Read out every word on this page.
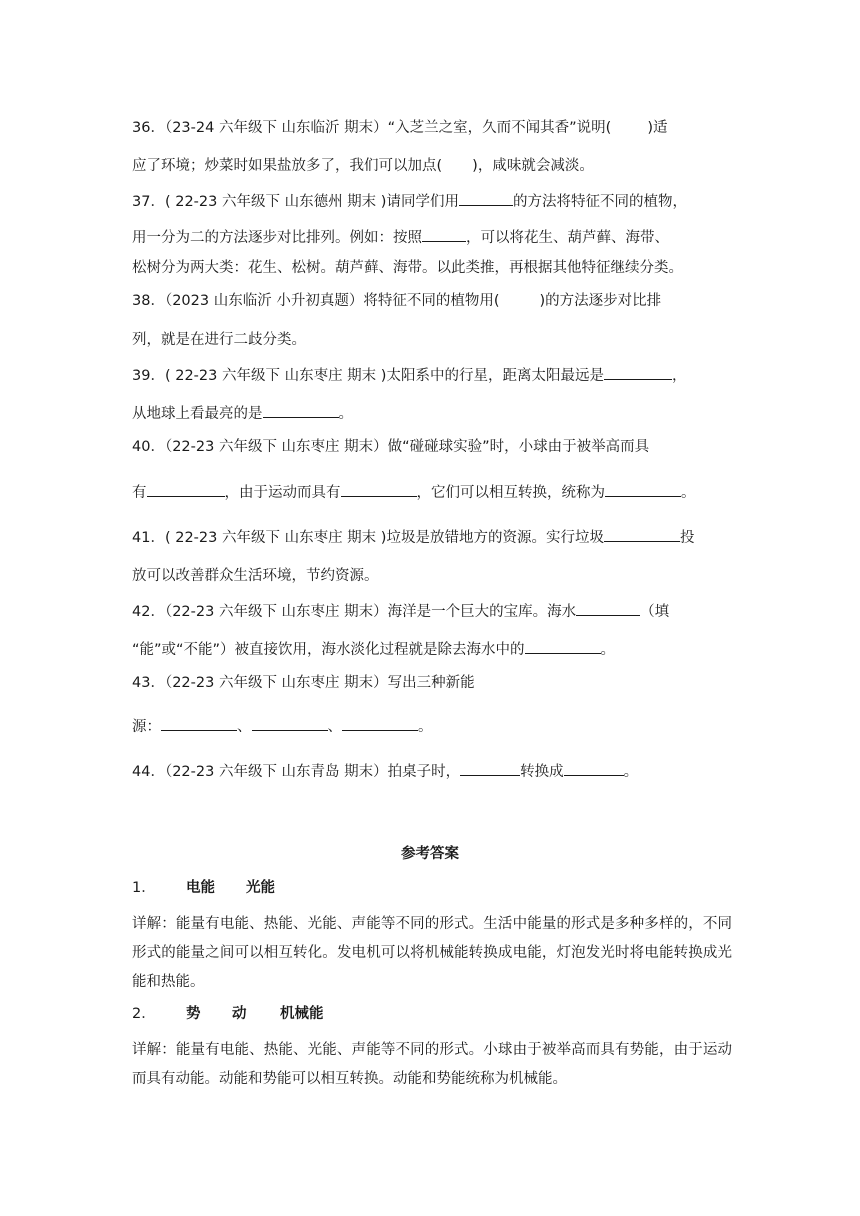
36．（23-24 六年级下 山东临沂 期末）“入芝兰之室，久而不闻其香”说明( )适
应了环境；炒菜时如果盐放多了，我们可以加点( )，咸味就会减淡。
37．( 22-23 六年级下 山东德州 期末 )请同学们用	的方法将特征不同的植物，
用一分为二的方法逐步对比排列。例如：按照	，可以将花生、葫芦藓、海带、
松树分为两大类：花生、松树。葫芦藓、海带。以此类推，再根据其他特征继续分类。
38．（2023 山东临沂 小升初真题）将特征不同的植物用(	)的方法逐步对比排
列，就是在进行二歧分类。
39．( 22-23 六年级下 山东枣庄 期末 )太阳系中的行星，距离太阳最远是	，
从地球上看最亮的是	。
40．（22-23 六年级下 山东枣庄 期末）做“碰碰球实验”时，小球由于被举高而具
有	，由于运动而具有	，它们可以相互转换，统称为	。
41．( 22-23 六年级下 山东枣庄 期末 )垃圾是放错地方的资源。实行垃圾	投
放可以改善群众生活环境，节约资源。
42．（22-23 六年级下 山东枣庄 期末）海洋是一个巨大的宝库。海水	（填
“能”或“不能”）被直接饮用，海水淡化过程就是除去海水中的	。
43．（22-23 六年级下 山东枣庄 期末）写出三种新能
源：	、	、	。
44．（22-23 六年级下 山东青岛 期末）拍桌子时，	转换成	。
参考答案
1． 电能 光能
详解：能量有电能、热能、光能、声能等不同的形式。生活中能量的形式是多种多样的，不同形式的能量之间可以相互转化。发电机可以将机械能转换成电能，灯泡发光时将电能转换成光能和热能。
2． 势 动 机械能
详解：能量有电能、热能、光能、声能等不同的形式。小球由于被举高而具有势能，由于运动而具有动能。动能和势能可以相互转换。动能和势能统称为机械能。
